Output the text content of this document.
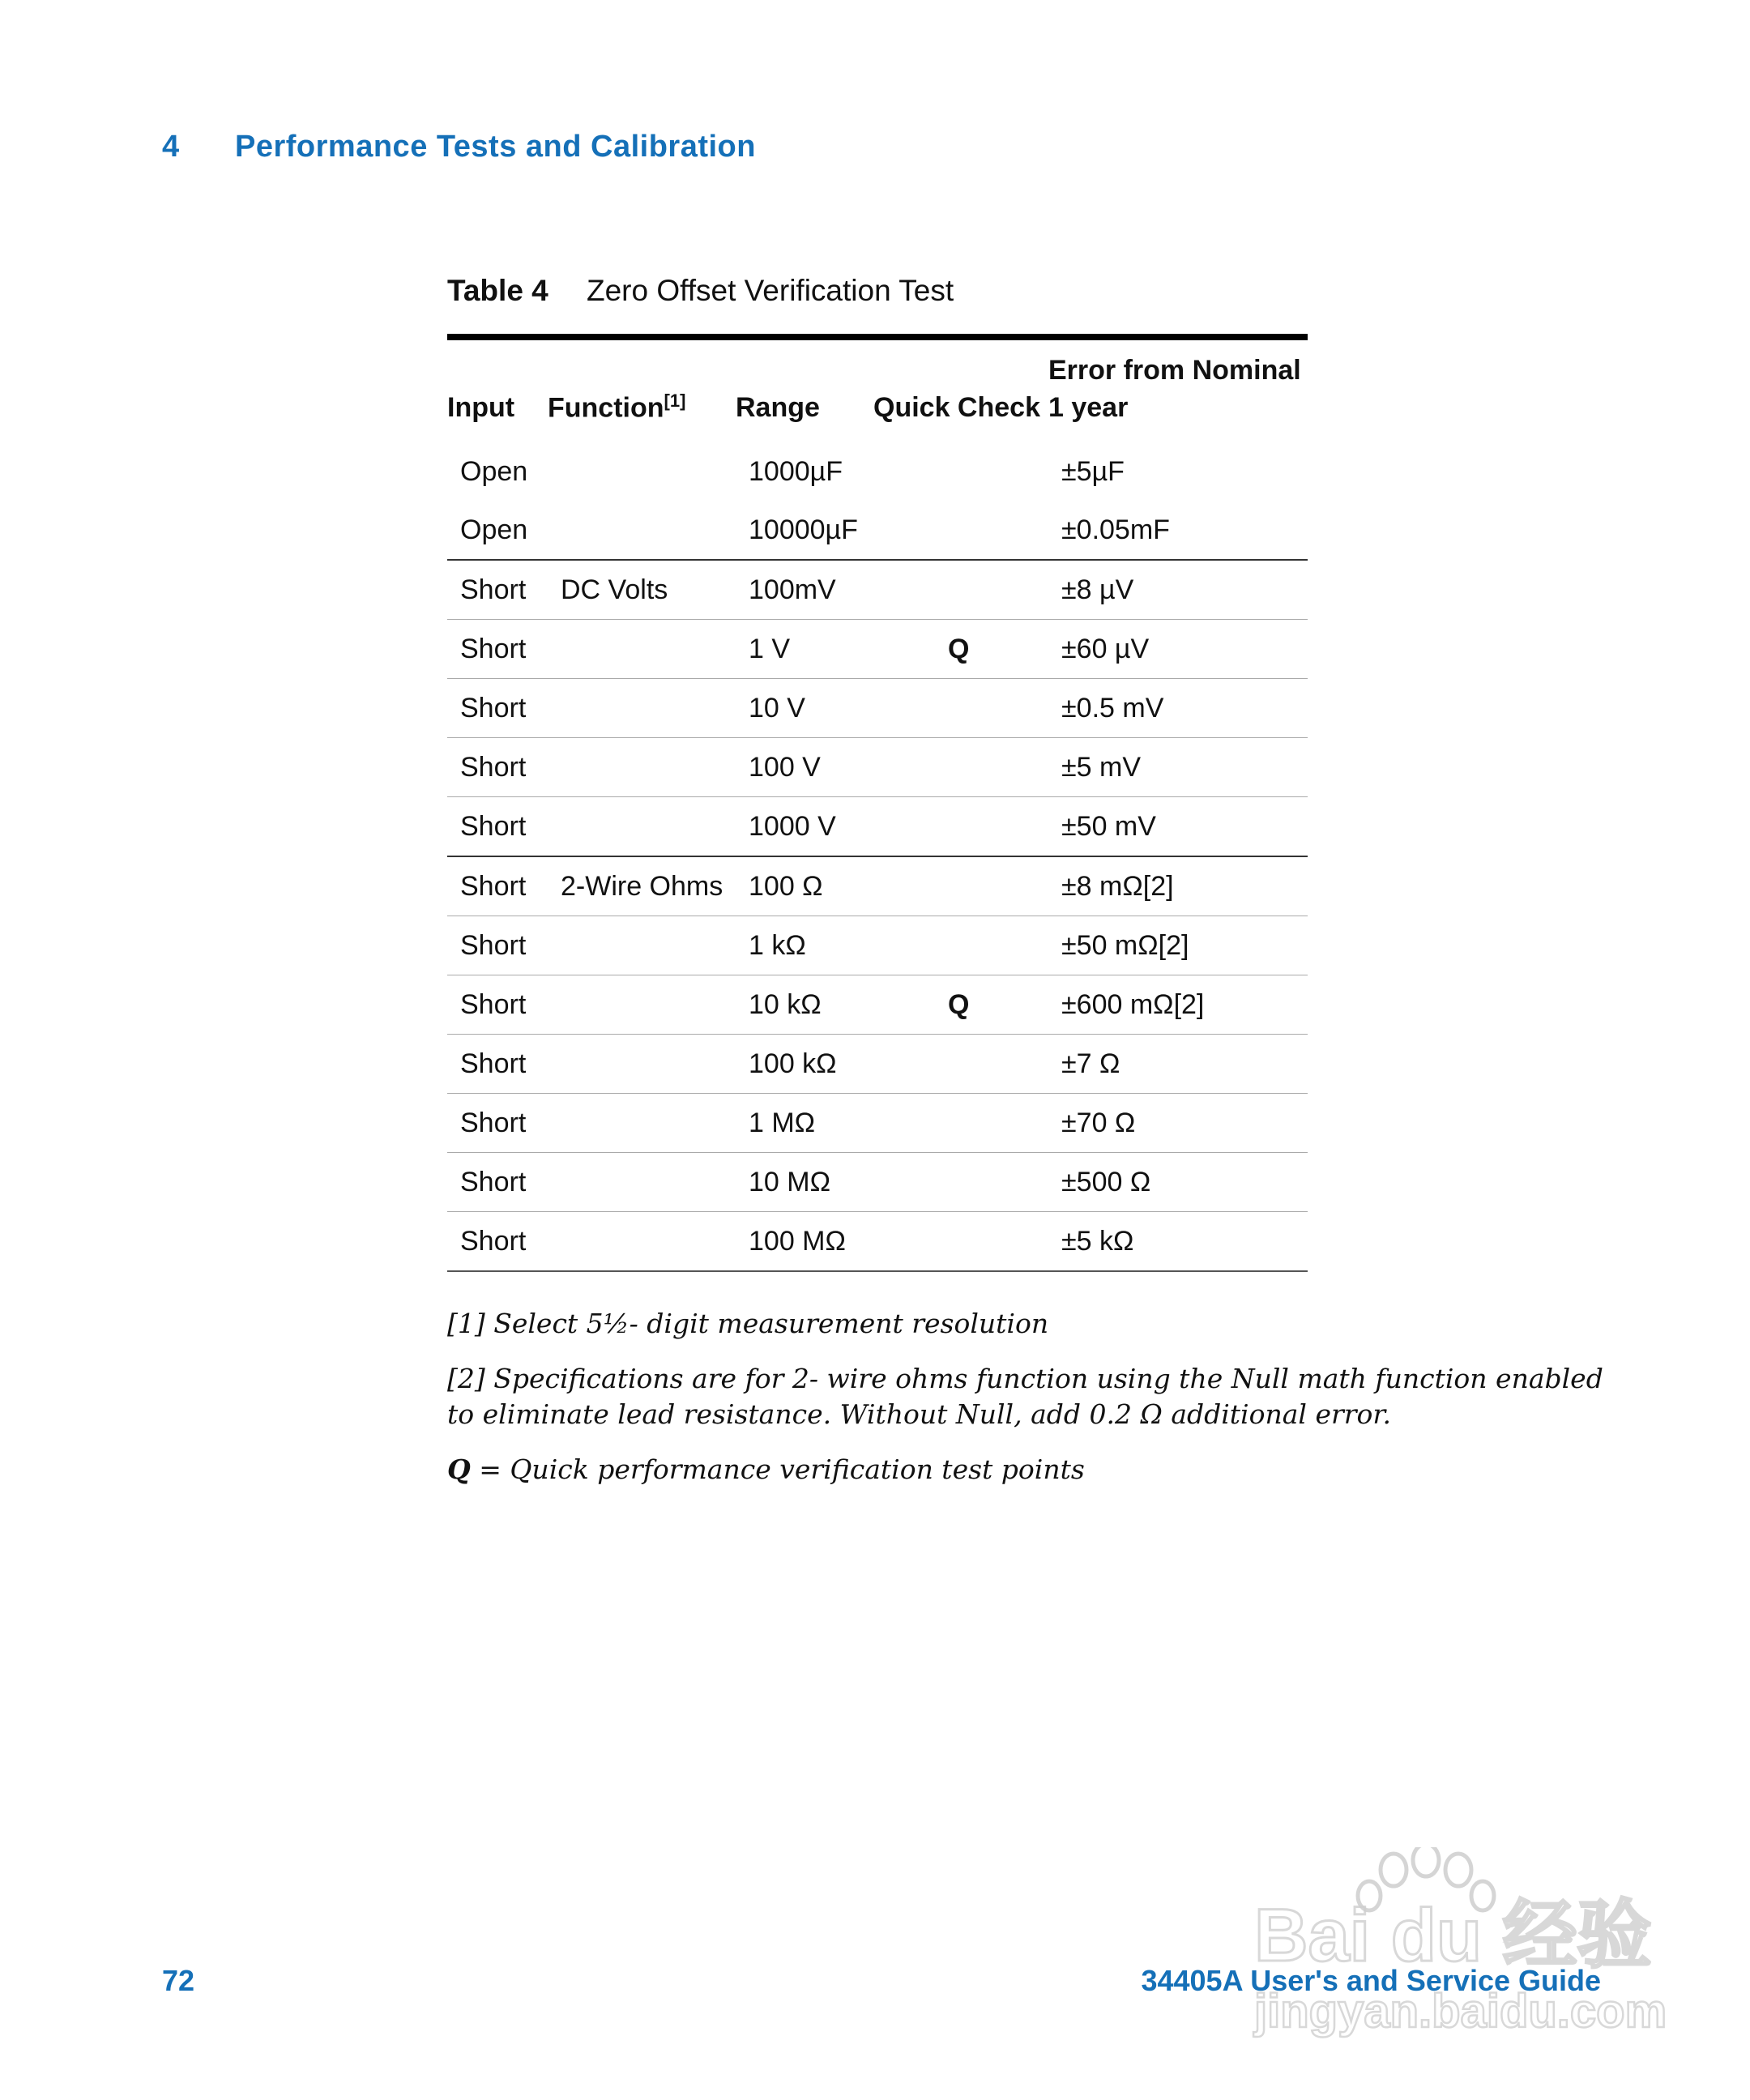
4 Performance Tests and Calibration
Table 4 Zero Offset Verification Test
Input	Function[1]	Range	Quick Check	Error from Nominal
1 year
Open		1000µF		±5µF
Open		10000µF		±0.05mF
Short	DC Volts	100mV		±8 µV
Short		1 V	Q	±60 µV
Short		10 V		±0.5 mV
Short		100 V		±5 mV
Short		1000 V		±50 mV
Short	2-Wire Ohms	100 Ω		±8 mΩ[2]
Short		1 kΩ		±50 mΩ[2]
Short		10 kΩ	Q	±600 mΩ[2]
Short		100 kΩ		±7 Ω
Short		1 MΩ		±70 Ω
Short		10 MΩ		±500 Ω
Short		100 MΩ		±5 kΩ

[1] Select 5½- digit measurement resolution

[2] Specifications are for 2- wire ohms function using the Null math function enabled
to eliminate lead resistance. Without Null, add 0.2 Ω additional error.

Q = Quick performance verification test points

72	34405A User's and Service Guide
Bai du 经验
jingyan.baidu.com
